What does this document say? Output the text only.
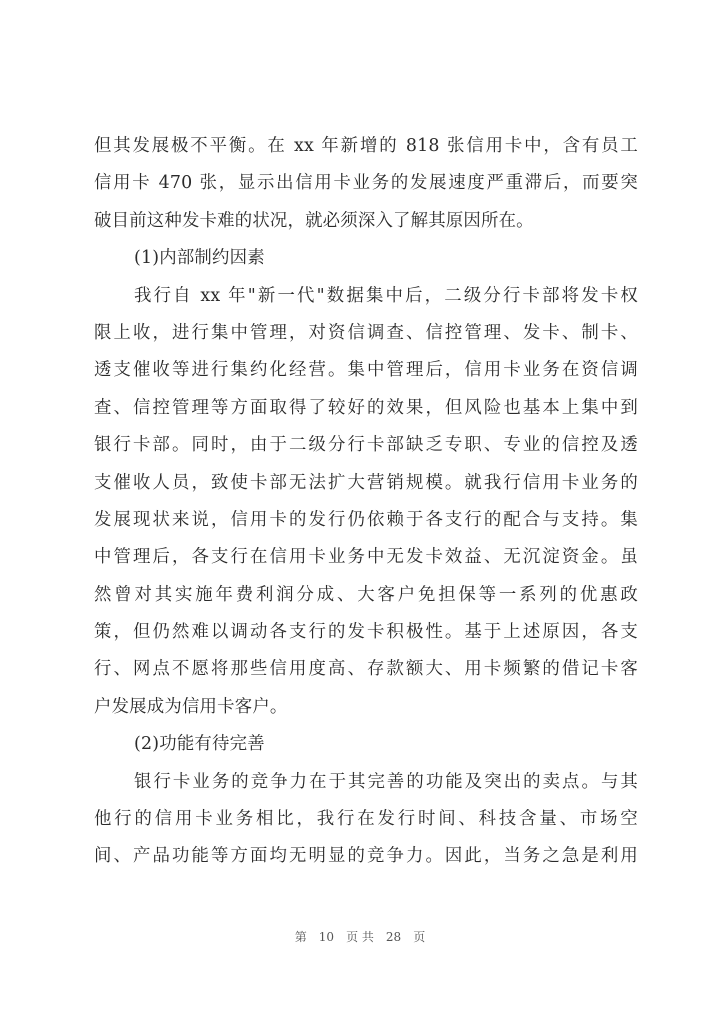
但其发展极不平衡。在 xx 年新增的 818 张信用卡中，含有员工
信用卡 470 张，显示出信用卡业务的发展速度严重滞后，而要突
破目前这种发卡难的状况，就必须深入了解其原因所在。
(1)内部制约因素
我行自 xx 年"新一代"数据集中后，二级分行卡部将发卡权
限上收，进行集中管理，对资信调查、信控管理、发卡、制卡、
透支催收等进行集约化经营。集中管理后，信用卡业务在资信调
查、信控管理等方面取得了较好的效果，但风险也基本上集中到
银行卡部。同时，由于二级分行卡部缺乏专职、专业的信控及透
支催收人员，致使卡部无法扩大营销规模。就我行信用卡业务的
发展现状来说，信用卡的发行仍依赖于各支行的配合与支持。集
中管理后，各支行在信用卡业务中无发卡效益、无沉淀资金。虽
然曾对其实施年费利润分成、大客户免担保等一系列的优惠政
策，但仍然难以调动各支行的发卡积极性。基于上述原因，各支
行、网点不愿将那些信用度高、存款额大、用卡频繁的借记卡客
户发展成为信用卡客户。
(2)功能有待完善
银行卡业务的竞争力在于其完善的功能及突出的卖点。与其
他行的信用卡业务相比，我行在发行时间、科技含量、市场空
间、产品功能等方面均无明显的竞争力。因此，当务之急是利用
第 10 页 共 28 页
